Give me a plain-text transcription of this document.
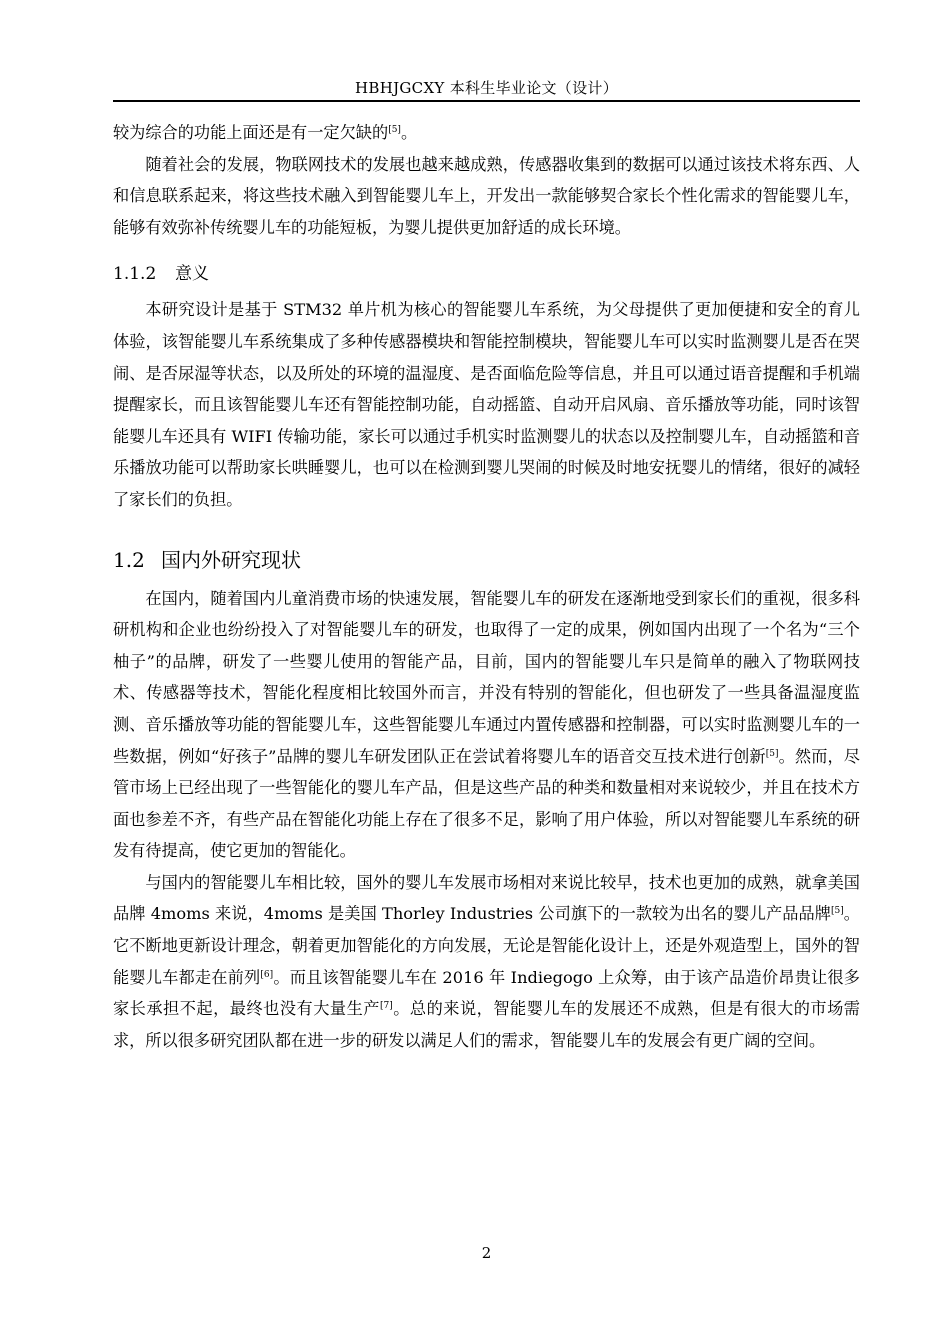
HBHJGCXY 本科生毕业论文（设计）

较为综合的功能上面还是有一定欠缺的[5]。

随着社会的发展，物联网技术的发展也越来越成熟，传感器收集到的数据可以通过该技术将东西、人和信息联系起来，将这些技术融入到智能婴儿车上，开发出一款能够契合家长个性化需求的智能婴儿车，能够有效弥补传统婴儿车的功能短板，为婴儿提供更加舒适的成长环境。

1.1.2 意义

本研究设计是基于 STM32 单片机为核心的智能婴儿车系统，为父母提供了更加便捷和安全的育儿体验，该智能婴儿车系统集成了多种传感器模块和智能控制模块，智能婴儿车可以实时监测婴儿是否在哭闹、是否尿湿等状态，以及所处的环境的温湿度、是否面临危险等信息，并且可以通过语音提醒和手机端提醒家长，而且该智能婴儿车还有智能控制功能，自动摇篮、自动开启风扇、音乐播放等功能，同时该智能婴儿车还具有 WIFI 传输功能，家长可以通过手机实时监测婴儿的状态以及控制婴儿车，自动摇篮和音乐播放功能可以帮助家长哄睡婴儿，也可以在检测到婴儿哭闹的时候及时地安抚婴儿的情绪，很好的减轻了家长们的负担。

1.2 国内外研究现状

在国内，随着国内儿童消费市场的快速发展，智能婴儿车的研发在逐渐地受到家长们的重视，很多科研机构和企业也纷纷投入了对智能婴儿车的研发，也取得了一定的成果，例如国内出现了一个名为“三个柚子”的品牌，研发了一些婴儿使用的智能产品，目前，国内的智能婴儿车只是简单的融入了物联网技术、传感器等技术，智能化程度相比较国外而言，并没有特别的智能化，但也研发了一些具备温湿度监测、音乐播放等功能的智能婴儿车，这些智能婴儿车通过内置传感器和控制器，可以实时监测婴儿车的一些数据，例如“好孩子”品牌的婴儿车研发团队正在尝试着将婴儿车的语音交互技术进行创新[5]。然而，尽管市场上已经出现了一些智能化的婴儿车产品，但是这些产品的种类和数量相对来说较少，并且在技术方面也参差不齐，有些产品在智能化功能上存在了很多不足，影响了用户体验，所以对智能婴儿车系统的研发有待提高，使它更加的智能化。

与国内的智能婴儿车相比较，国外的婴儿车发展市场相对来说比较早，技术也更加的成熟，就拿美国品牌 4moms 来说，4moms 是美国 Thorley Industries 公司旗下的一款较为出名的婴儿产品品牌[5]。它不断地更新设计理念，朝着更加智能化的方向发展，无论是智能化设计上，还是外观造型上，国外的智能婴儿车都走在前列[6]。而且该智能婴儿车在 2016 年 Indiegogo 上众筹，由于该产品造价昂贵让很多家长承担不起，最终也没有大量生产[7]。总的来说，智能婴儿车的发展还不成熟，但是有很大的市场需求，所以很多研究团队都在进一步的研发以满足人们的需求，智能婴儿车的发展会有更广阔的空间。

2
